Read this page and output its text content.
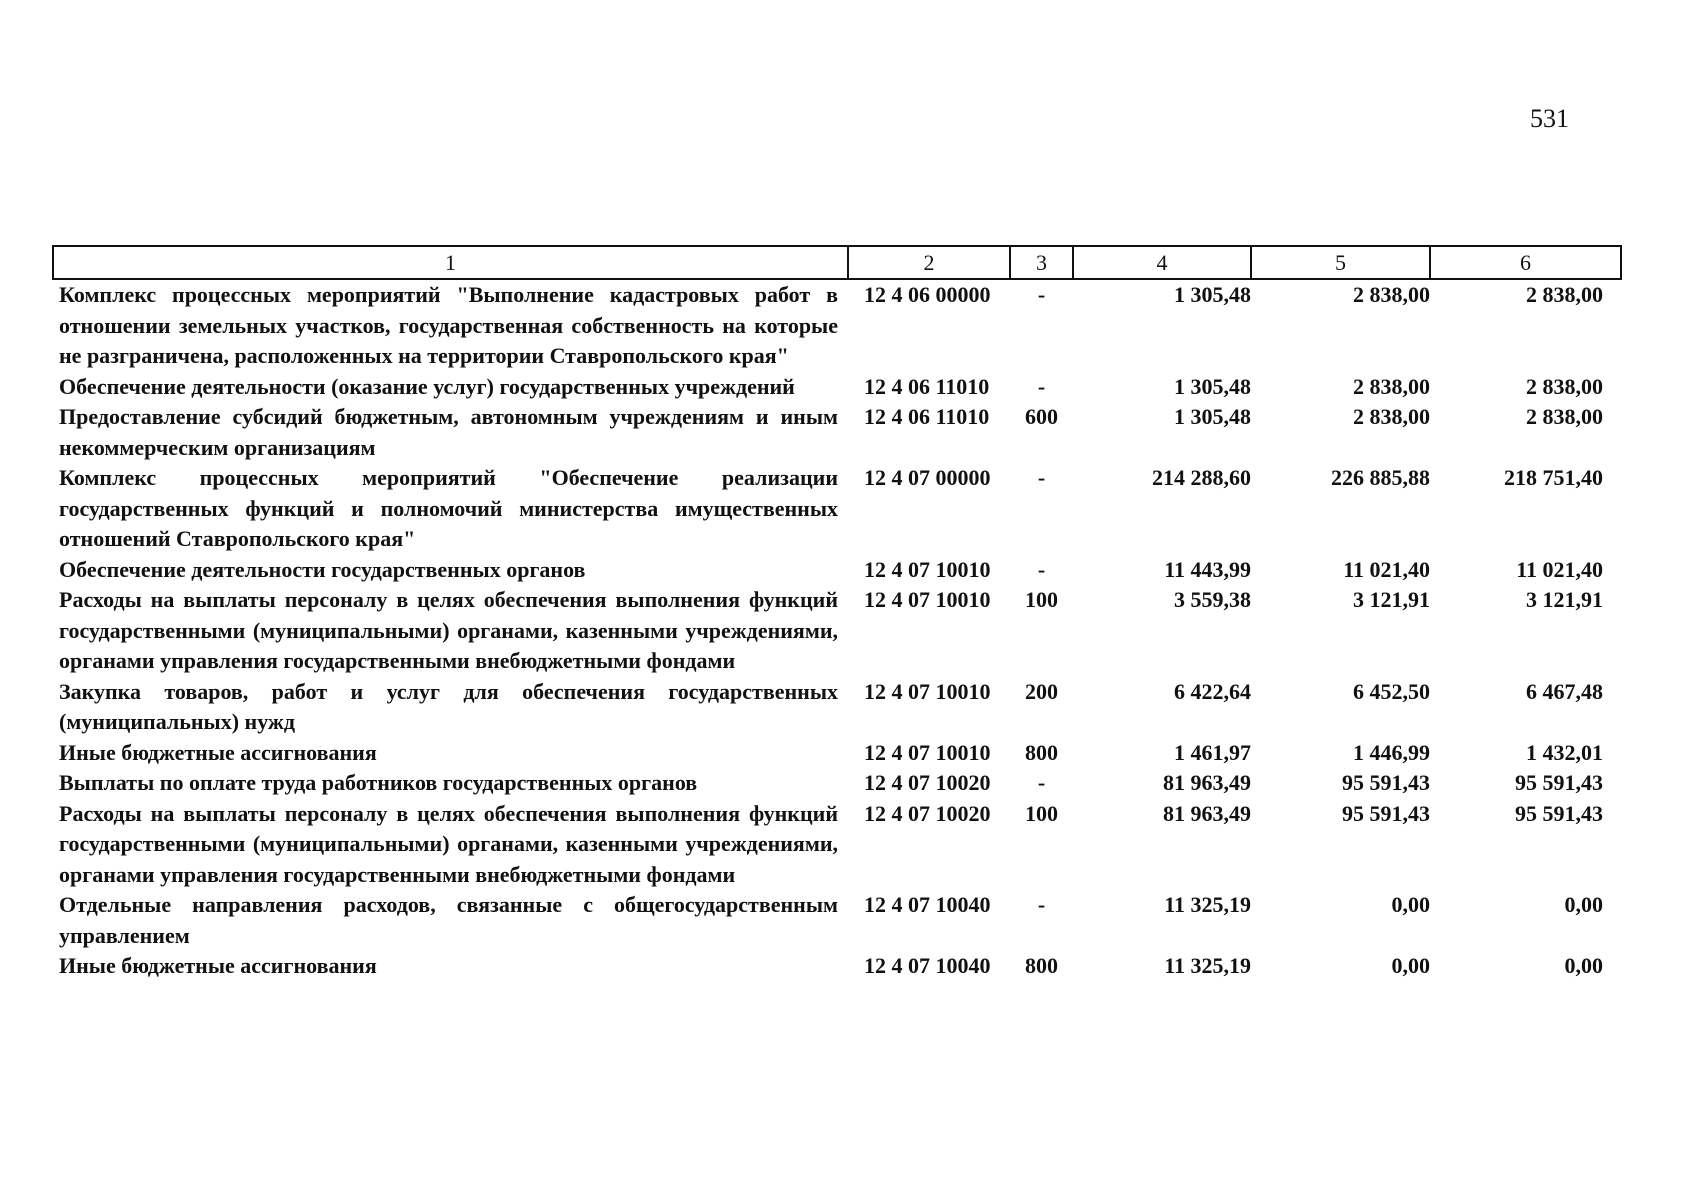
531
1	2	3	4	5	6
Комплекс процессных мероприятий "Выполнение кадастровых работ в отношении земельных участков, государственная собственность на которые не разграничена, расположенных на территории Ставропольского края"	12 4 06 00000	-	1 305,48	2 838,00	2 838,00
Обеспечение деятельности (оказание услуг) государственных учреждений	12 4 06 11010	-	1 305,48	2 838,00	2 838,00
Предоставление субсидий бюджетным, автономным учреждениям и иным некоммерческим организациям	12 4 06 11010	600	1 305,48	2 838,00	2 838,00
Комплекс процессных мероприятий "Обеспечение реализации государственных функций и полномочий министерства имущественных отношений Ставропольского края"	12 4 07 00000	-	214 288,60	226 885,88	218 751,40
Обеспечение деятельности государственных органов	12 4 07 10010	-	11 443,99	11 021,40	11 021,40
Расходы на выплаты персоналу в целях обеспечения выполнения функций государственными (муниципальными) органами, казенными учреждениями, органами управления государственными внебюджетными фондами	12 4 07 10010	100	3 559,38	3 121,91	3 121,91
Закупка товаров, работ и услуг для обеспечения государственных (муниципальных) нужд	12 4 07 10010	200	6 422,64	6 452,50	6 467,48
Иные бюджетные ассигнования	12 4 07 10010	800	1 461,97	1 446,99	1 432,01
Выплаты по оплате труда работников государственных органов	12 4 07 10020	-	81 963,49	95 591,43	95 591,43
Расходы на выплаты персоналу в целях обеспечения выполнения функций государственными (муниципальными) органами, казенными учреждениями, органами управления государственными внебюджетными фондами	12 4 07 10020	100	81 963,49	95 591,43	95 591,43
Отдельные направления расходов, связанные с общегосударственным управлением	12 4 07 10040	-	11 325,19	0,00	0,00
Иные бюджетные ассигнования	12 4 07 10040	800	11 325,19	0,00	0,00
